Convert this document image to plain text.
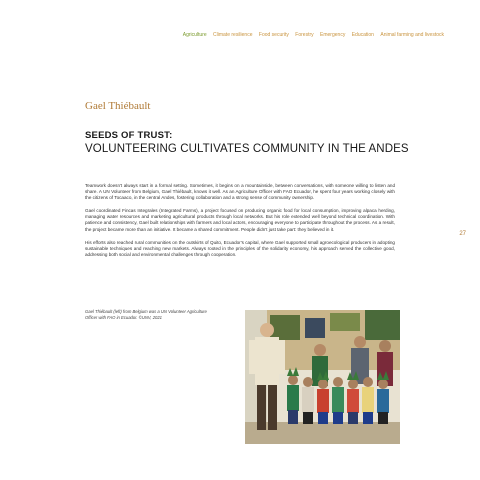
Agriculture Climate resilience Food security Forestry Emergency Education Animal farming and livestock
Gael Thiébault
SEEDS OF TRUST:
VOLUNTEERING CULTIVATES COMMUNITY IN THE ANDES

Teamwork doesn't always start in a formal setting. Sometimes, it begins on a mountainside, between conversations, with someone willing to listen and share. A UN Volunteer from Belgium, Gael Thiébault, knows it well. As an Agriculture Officer with FAO Ecuador, he spent four years working closely with the citizens of Tocaaco, in the central Andes, fostering collaboration and a strong sense of community ownership.

Gael coordinated Fincas Integrales (Integrated Farms), a project focused on producing organic food for local consumption, improving alpaca herding, managing water resources and marketing agricultural products through local networks. But his role extended well beyond technical coordination. With patience and consistency, Gael built relationships with farmers and local actors, encouraging everyone to participate throughout the process. As a result, the project became more than an initiative. It became a shared commitment. People didn't just take part: they believed in it.

His efforts also reached rural communities on the outskirts of Quito, Ecuador's capital, where Gael supported small agroecological producers in adopting sustainable techniques and reaching new markets. Always rooted in the principles of the solidarity economy, his approach served the collective good, addressing both social and environmental challenges through cooperation.

27
Gael Thiébault (left) from Belgium was a UN Volunteer Agriculture Officer with FAO in Ecuador. ©UNV, 2021
